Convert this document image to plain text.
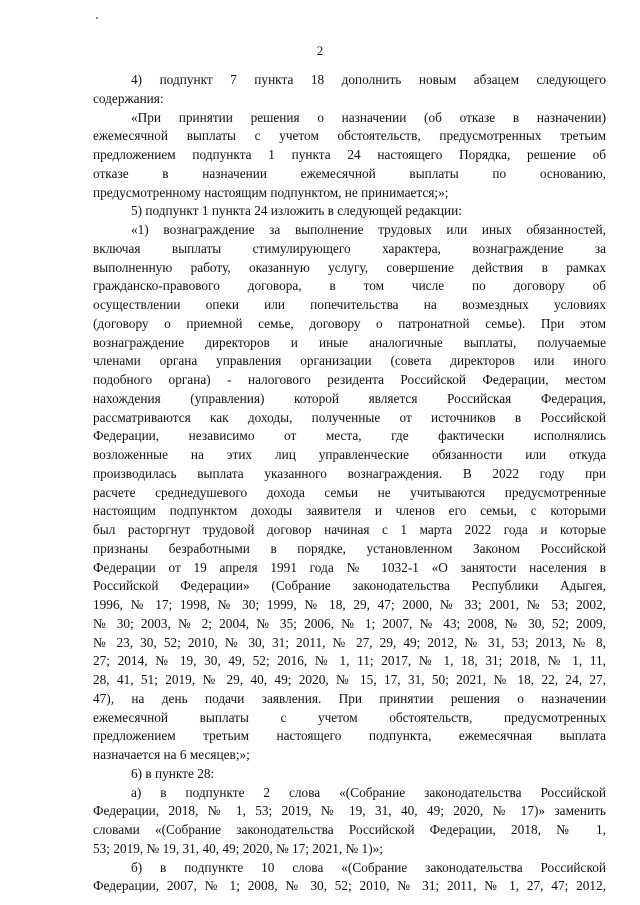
2
4) подпункт 7 пункта 18 дополнить новым абзацем следующего
содержания:
«При принятии решения о назначении (об отказе в назначении)
ежемесячной выплаты с учетом обстоятельств, предусмотренных третьим
предложением подпункта 1 пункта 24 настоящего Порядка, решение об
отказе в назначении ежемесячной выплаты по основанию,
предусмотренному настоящим подпунктом, не принимается;»;
5) подпункт 1 пункта 24 изложить в следующей редакции:
«1) вознаграждение за выполнение трудовых или иных обязанностей,
включая выплаты стимулирующего характера, вознаграждение за
выполненную работу, оказанную услугу, совершение действия в рамках
гражданско-правового договора, в том числе по договору об
осуществлении опеки или попечительства на возмездных условиях
(договору о приемной семье, договору о патронатной семье). При этом
вознаграждение директоров и иные аналогичные выплаты, получаемые
членами органа управления организации (совета директоров или иного
подобного органа) - налогового резидента Российской Федерации, местом
нахождения (управления) которой является Российская Федерация,
рассматриваются как доходы, полученные от источников в Российской
Федерации, независимо от места, где фактически исполнялись
возложенные на этих лиц управленческие обязанности или откуда
производилась выплата указанного вознаграждения. В 2022 году при
расчете среднедушевого дохода семьи не учитываются предусмотренные
настоящим подпунктом доходы заявителя и членов его семьи, с которыми
был расторгнут трудовой договор начиная с 1 марта 2022 года и которые
признаны безработными в порядке, установленном Законом Российской
Федерации от 19 апреля 1991 года № 1032-1 «О занятости населения в
Российской Федерации» (Собрание законодательства Республики Адыгея,
1996, № 17; 1998, № 30; 1999, № 18, 29, 47; 2000, № 33; 2001, № 53; 2002,
№ 30; 2003, № 2; 2004, № 35; 2006, № 1; 2007, № 43; 2008, № 30, 52; 2009,
№ 23, 30, 52; 2010, № 30, 31; 2011, № 27, 29, 49; 2012, № 31, 53; 2013, № 8,
27; 2014, № 19, 30, 49, 52; 2016, № 1, 11; 2017, № 1, 18, 31; 2018, № 1, 11,
28, 41, 51; 2019, № 29, 40, 49; 2020, № 15, 17, 31, 50; 2021, № 18, 22, 24, 27,
47), на день подачи заявления. При принятии решения о назначении
ежемесячной выплаты с учетом обстоятельств, предусмотренных
предложением третьим настоящего подпункта, ежемесячная выплата
назначается на 6 месяцев;»;
6) в пункте 28:
а) в подпункте 2 слова «(Собрание законодательства Российской
Федерации, 2018, № 1, 53; 2019, № 19, 31, 40, 49; 2020, № 17)» заменить
словами «(Собрание законодательства Российской Федерации, 2018, № 1,
53; 2019, № 19, 31, 40, 49; 2020, № 17; 2021, № 1)»;
б) в подпункте 10 слова «(Собрание законодательства Российской
Федерации, 2007, № 1; 2008, № 30, 52; 2010, № 31; 2011, № 1, 27, 47; 2012,
